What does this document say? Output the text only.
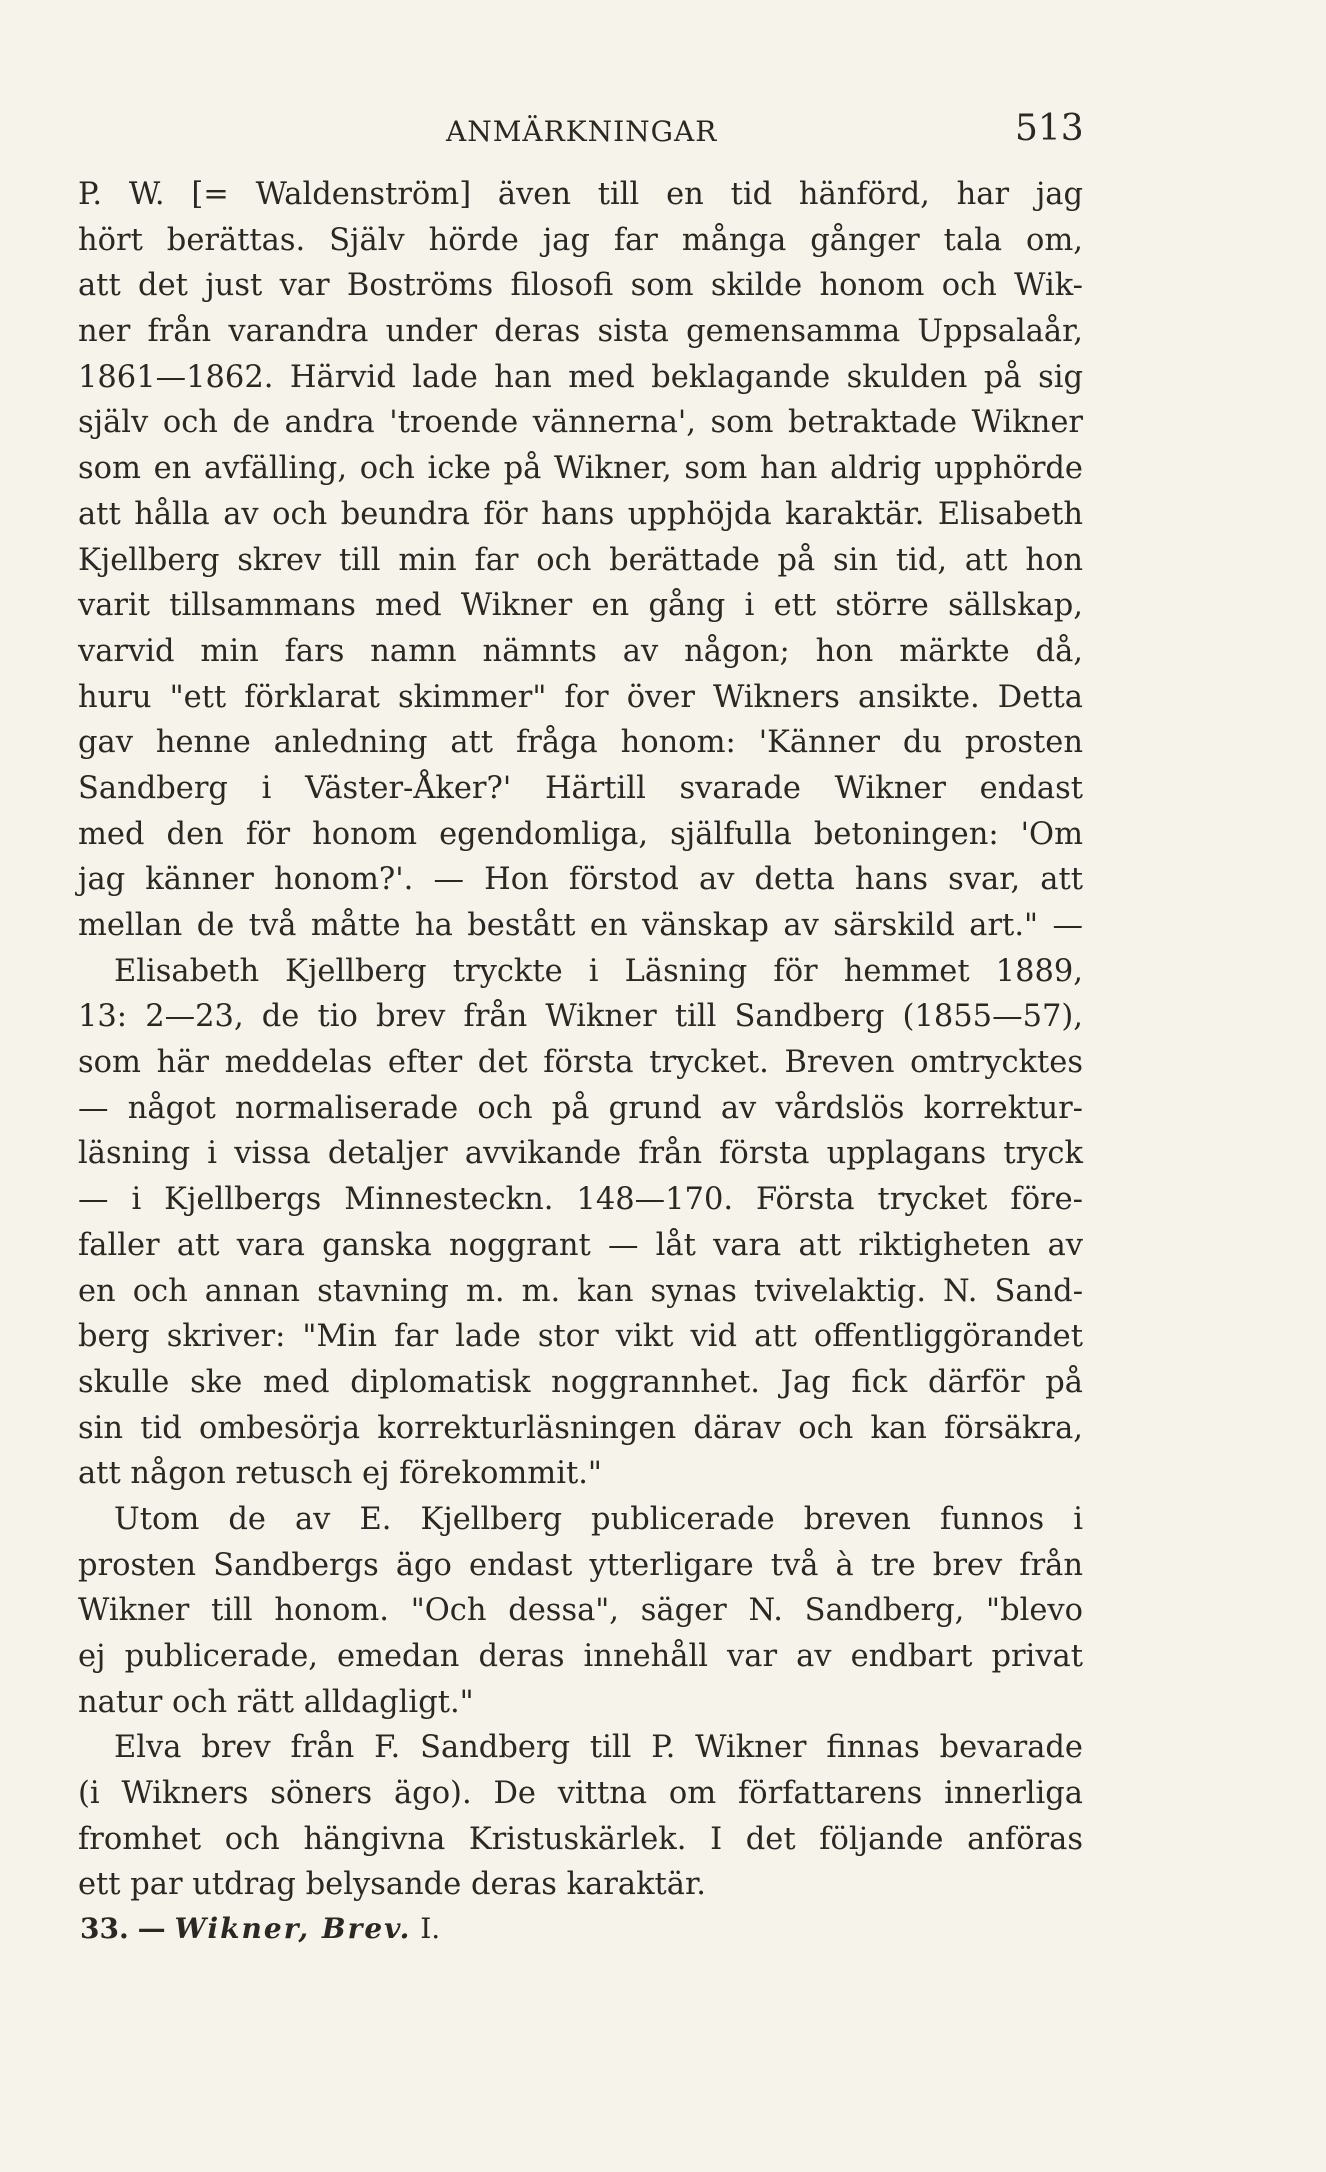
ANMÄRKNINGAR	513
P. W. [= Waldenström] även till en tid hänförd, har jag
hört berättas. Själv hörde jag far många gånger tala om,
att det just var Boströms filosofi som skilde honom och Wik-
ner från varandra under deras sista gemensamma Uppsalaår,
1861—1862. Härvid lade han med beklagande skulden på sig
själv och de andra 'troende vännerna', som betraktade Wikner
som en avfälling, och icke på Wikner, som han aldrig upphörde
att hålla av och beundra för hans upphöjda karaktär. Elisabeth
Kjellberg skrev till min far och berättade på sin tid, att hon
varit tillsammans med Wikner en gång i ett större sällskap,
varvid min fars namn nämnts av någon; hon märkte då,
huru "ett förklarat skimmer" for över Wikners ansikte. Detta
gav henne anledning att fråga honom: 'Känner du prosten
Sandberg i Väster-Åker?' Härtill svarade Wikner endast
med den för honom egendomliga, själfulla betoningen: 'Om
jag känner honom?'. — Hon förstod av detta hans svar, att
mellan de två måtte ha bestått en vänskap av särskild art." —
Elisabeth Kjellberg tryckte i Läsning för hemmet 1889,
13: 2—23, de tio brev från Wikner till Sandberg (1855—57),
som här meddelas efter det första trycket. Breven omtrycktes
— något normaliserade och på grund av vårdslös korrektur-
läsning i vissa detaljer avvikande från första upplagans tryck
— i Kjellbergs Minnesteckn. 148—170. Första trycket före-
faller att vara ganska noggrant — låt vara att riktigheten av
en och annan stavning m. m. kan synas tvivelaktig. N. Sand-
berg skriver: "Min far lade stor vikt vid att offentliggörandet
skulle ske med diplomatisk noggrannhet. Jag fick därför på
sin tid ombesörja korrekturläsningen därav och kan försäkra,
att någon retusch ej förekommit."
Utom de av E. Kjellberg publicerade breven funnos i
prosten Sandbergs ägo endast ytterligare två à tre brev från
Wikner till honom. "Och dessa", säger N. Sandberg, "blevo
ej publicerade, emedan deras innehåll var av endbart privat
natur och rätt alldagligt."
Elva brev från F. Sandberg till P. Wikner finnas bevarade
(i Wikners söners ägo). De vittna om författarens innerliga
fromhet och hängivna Kristuskärlek. I det följande anföras
ett par utdrag belysande deras karaktär.
33. — Wikner, Brev. I.
